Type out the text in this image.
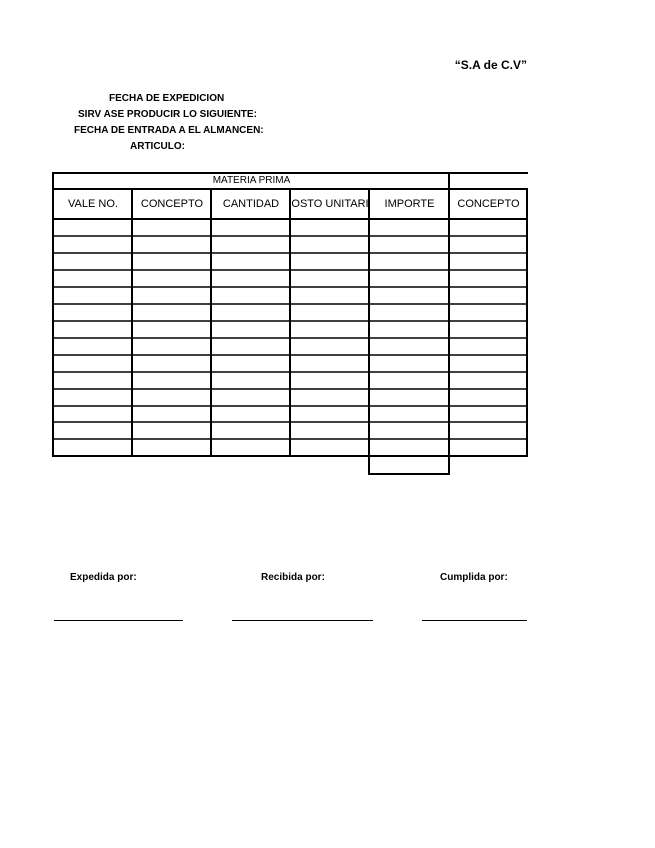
“S.A de C.V”
FECHA DE EXPEDICION
SIRV ASE PRODUCIR LO SIGUIENTE:
FECHA DE ENTRADA A EL ALMANCEN:
ARTICULO:
MATERIA PRIMA
VALE NO.	CONCEPTO	CANTIDAD	OSTO UNITARI	IMPORTE	CONCEPTO
Expedida por:	Recibida por:	Cumplida por:
